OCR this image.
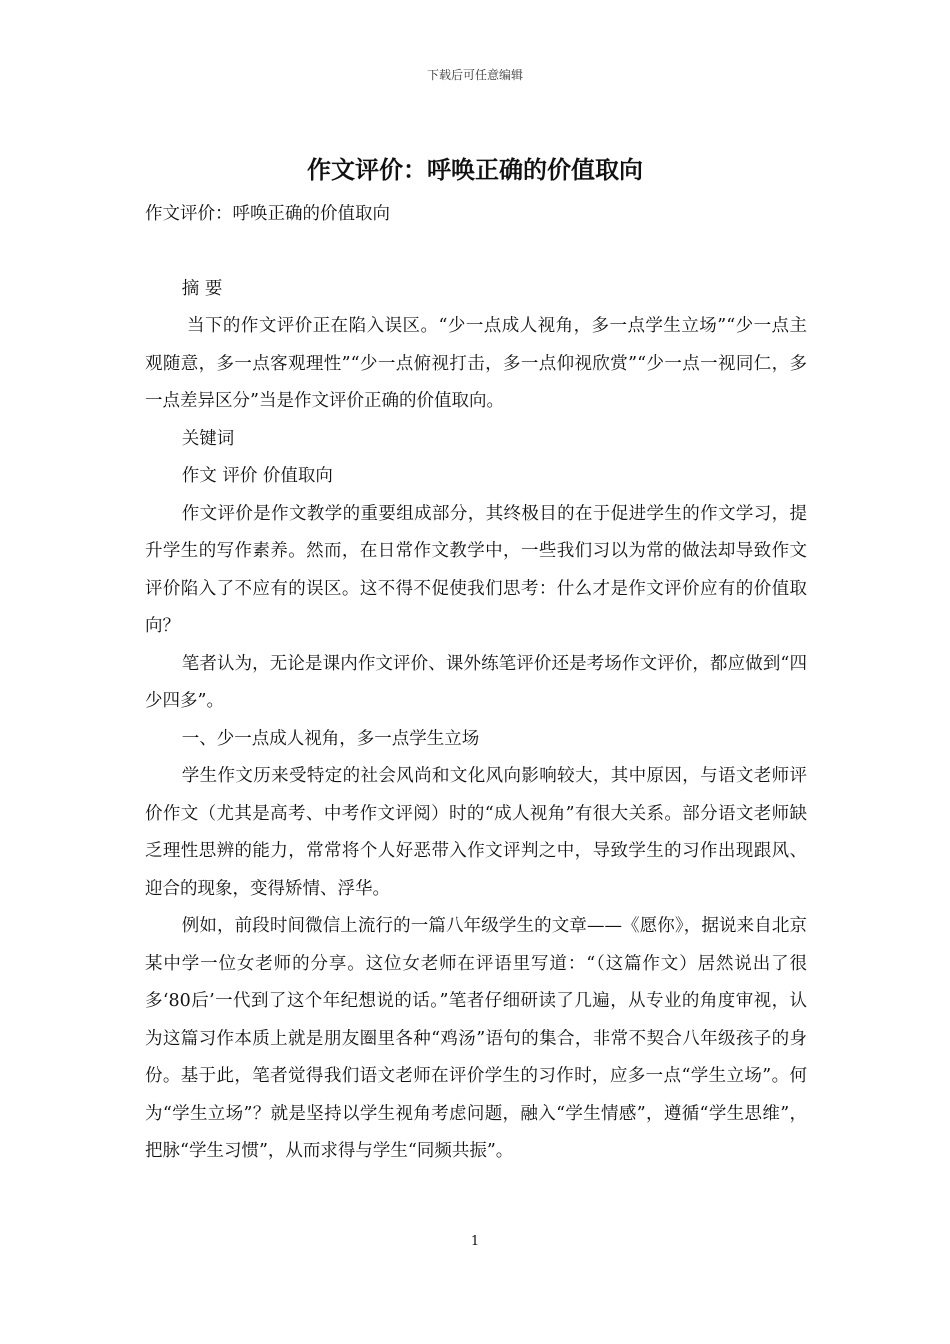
下载后可任意编辑
作文评价：呼唤正确的价值取向

作文评价：呼唤正确的价值取向

摘 要

当下的作文评价正在陷入误区。“少一点成人视角，多一点学生立场”“少一点主观随意，多一点客观理性”“少一点俯视打击，多一点仰视欣赏”“少一点一视同仁，多一点差异区分”当是作文评价正确的价值取向。

关键词

作文 评价 价值取向

作文评价是作文教学的重要组成部分，其终极目的在于促进学生的作文学习，提升学生的写作素养。然而，在日常作文教学中，一些我们习以为常的做法却导致作文评价陷入了不应有的误区。这不得不促使我们思考：什么才是作文评价应有的价值取向？

笔者认为，无论是课内作文评价、课外练笔评价还是考场作文评价，都应做到“四少四多”。

一、少一点成人视角，多一点学生立场

学生作文历来受特定的社会风尚和文化风向影响较大，其中原因，与语文老师评价作文（尤其是高考、中考作文评阅）时的“成人视角”有很大关系。部分语文老师缺乏理性思辨的能力，常常将个人好恶带入作文评判之中，导致学生的习作出现跟风、迎合的现象，变得矫情、浮华。

例如，前段时间微信上流行的一篇八年级学生的文章——《愿你》，据说来自北京某中学一位女老师的分享。这位女老师在评语里写道：“（这篇作文）居然说出了很多‘80后’一代到了这个年纪想说的话。”笔者仔细研读了几遍，从专业的角度审视，认为这篇习作本质上就是朋友圈里各种“鸡汤”语句的集合，非常不契合八年级孩子的身份。基于此，笔者觉得我们语文老师在评价学生的习作时，应多一点“学生立场”。何为“学生立场”？就是坚持以学生视角考虑问题，融入“学生情感”，遵循“学生思维”，把脉“学生习惯”，从而求得与学生“同频共振”。

1
